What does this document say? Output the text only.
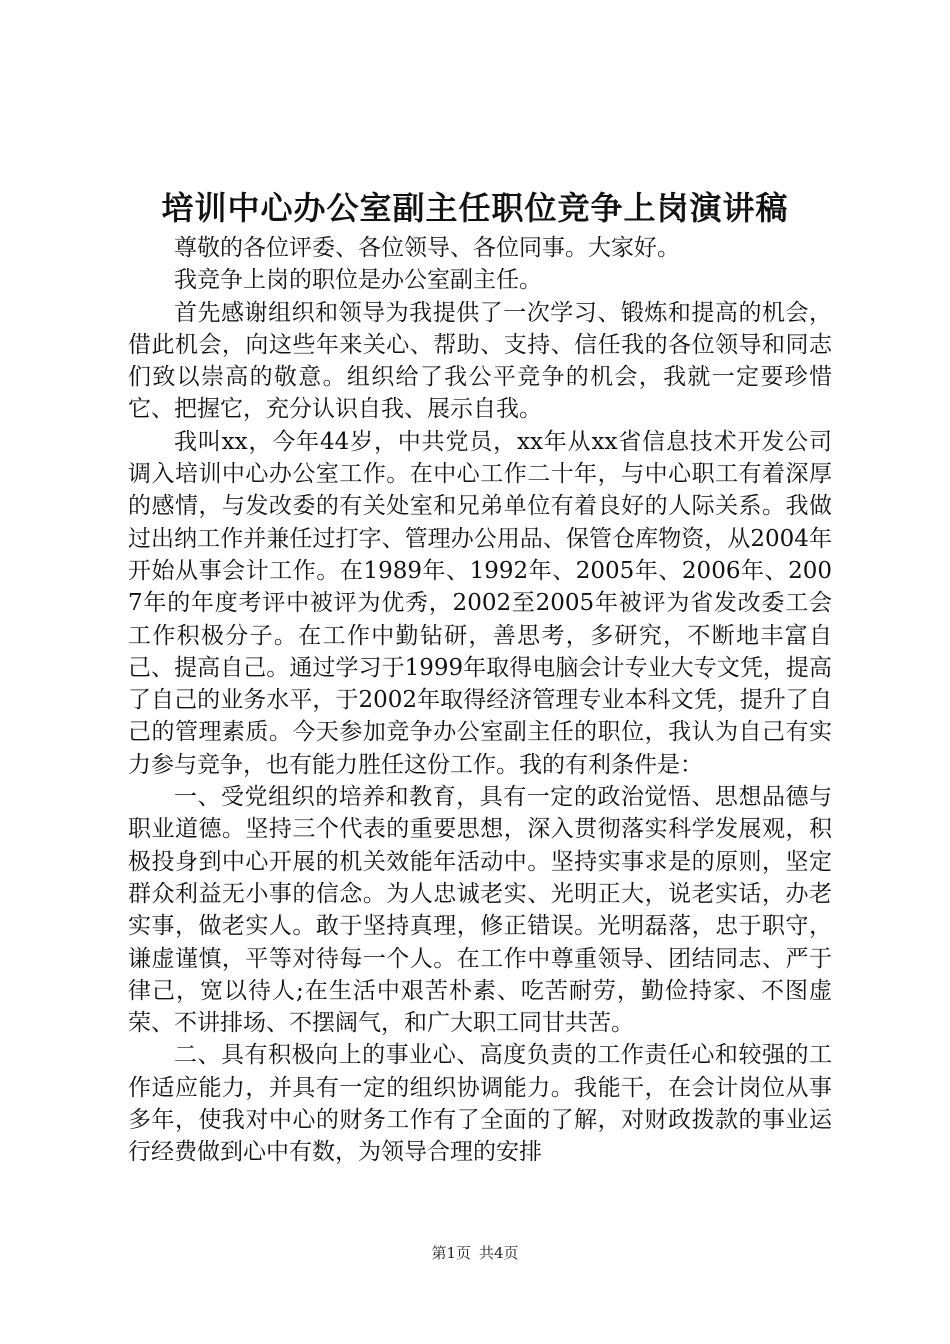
培训中心办公室副主任职位竞争上岗演讲稿

尊敬的各位评委、各位领导、各位同事。大家好。

我竞争上岗的职位是办公室副主任。

首先感谢组织和领导为我提供了一次学习、锻炼和提高的机会，借此机会，向这些年来关心、帮助、支持、信任我的各位领导和同志们致以崇高的敬意。组织给了我公平竞争的机会，我就一定要珍惜它、把握它，充分认识自我、展示自我。

我叫xx，今年44岁，中共党员，xx年从xx省信息技术开发公司调入培训中心办公室工作。在中心工作二十年，与中心职工有着深厚的感情，与发改委的有关处室和兄弟单位有着良好的人际关系。我做过出纳工作并兼任过打字、管理办公用品、保管仓库物资，从2004年开始从事会计工作。在1989年、1992年、2005年、2006年、2007年的年度考评中被评为优秀，2002至2005年被评为省发改委工会工作积极分子。在工作中勤钻研，善思考，多研究，不断地丰富自己、提高自己。通过学习于1999年取得电脑会计专业大专文凭，提高了自己的业务水平，于2002年取得经济管理专业本科文凭，提升了自己的管理素质。今天参加竞争办公室副主任的职位，我认为自己有实力参与竞争，也有能力胜任这份工作。我的有利条件是：

一、受党组织的培养和教育，具有一定的政治觉悟、思想品德与职业道德。坚持三个代表的重要思想，深入贯彻落实科学发展观，积极投身到中心开展的机关效能年活动中。坚持实事求是的原则，坚定群众利益无小事的信念。为人忠诚老实、光明正大，说老实话，办老实事，做老实人。敢于坚持真理，修正错误。光明磊落，忠于职守，谦虚谨慎，平等对待每一个人。在工作中尊重领导、团结同志、严于律己，宽以待人;在生活中艰苦朴素、吃苦耐劳，勤俭持家、不图虚荣、不讲排场、不摆阔气，和广大职工同甘共苦。

二、具有积极向上的事业心、高度负责的工作责任心和较强的工作适应能力，并具有一定的组织协调能力。我能干，在会计岗位从事多年，使我对中心的财务工作有了全面的了解，对财政拨款的事业运行经费做到心中有数，为领导合理的安排

第1页 共4页
